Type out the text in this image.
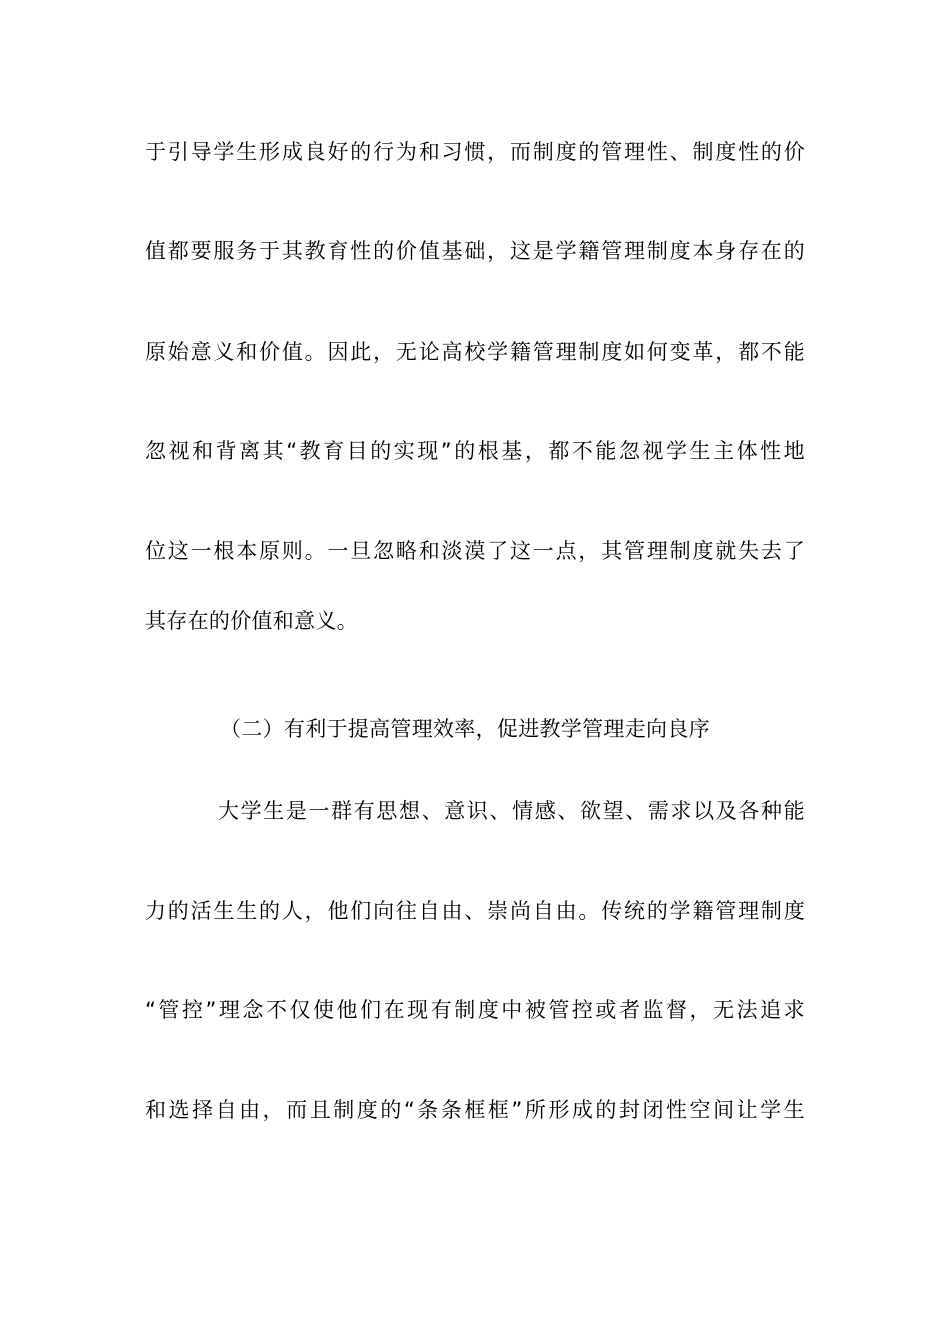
于引导学生形成良好的行为和习惯，而制度的管理性、制度性的价
值都要服务于其教育性的价值基础，这是学籍管理制度本身存在的
原始意义和价值。因此，无论高校学籍管理制度如何变革，都不能
忽视和背离其“教育目的实现”的根基，都不能忽视学生主体性地
位这一根本原则。一旦忽略和淡漠了这一点，其管理制度就失去了
其存在的价值和意义。
（二）有利于提高管理效率，促进教学管理走向良序
大学生是一群有思想、意识、情感、欲望、需求以及各种能
力的活生生的人，他们向往自由、崇尚自由。传统的学籍管理制度
“管控”理念不仅使他们在现有制度中被管控或者监督，无法追求
和选择自由，而且制度的“条条框框”所形成的封闭性空间让学生
